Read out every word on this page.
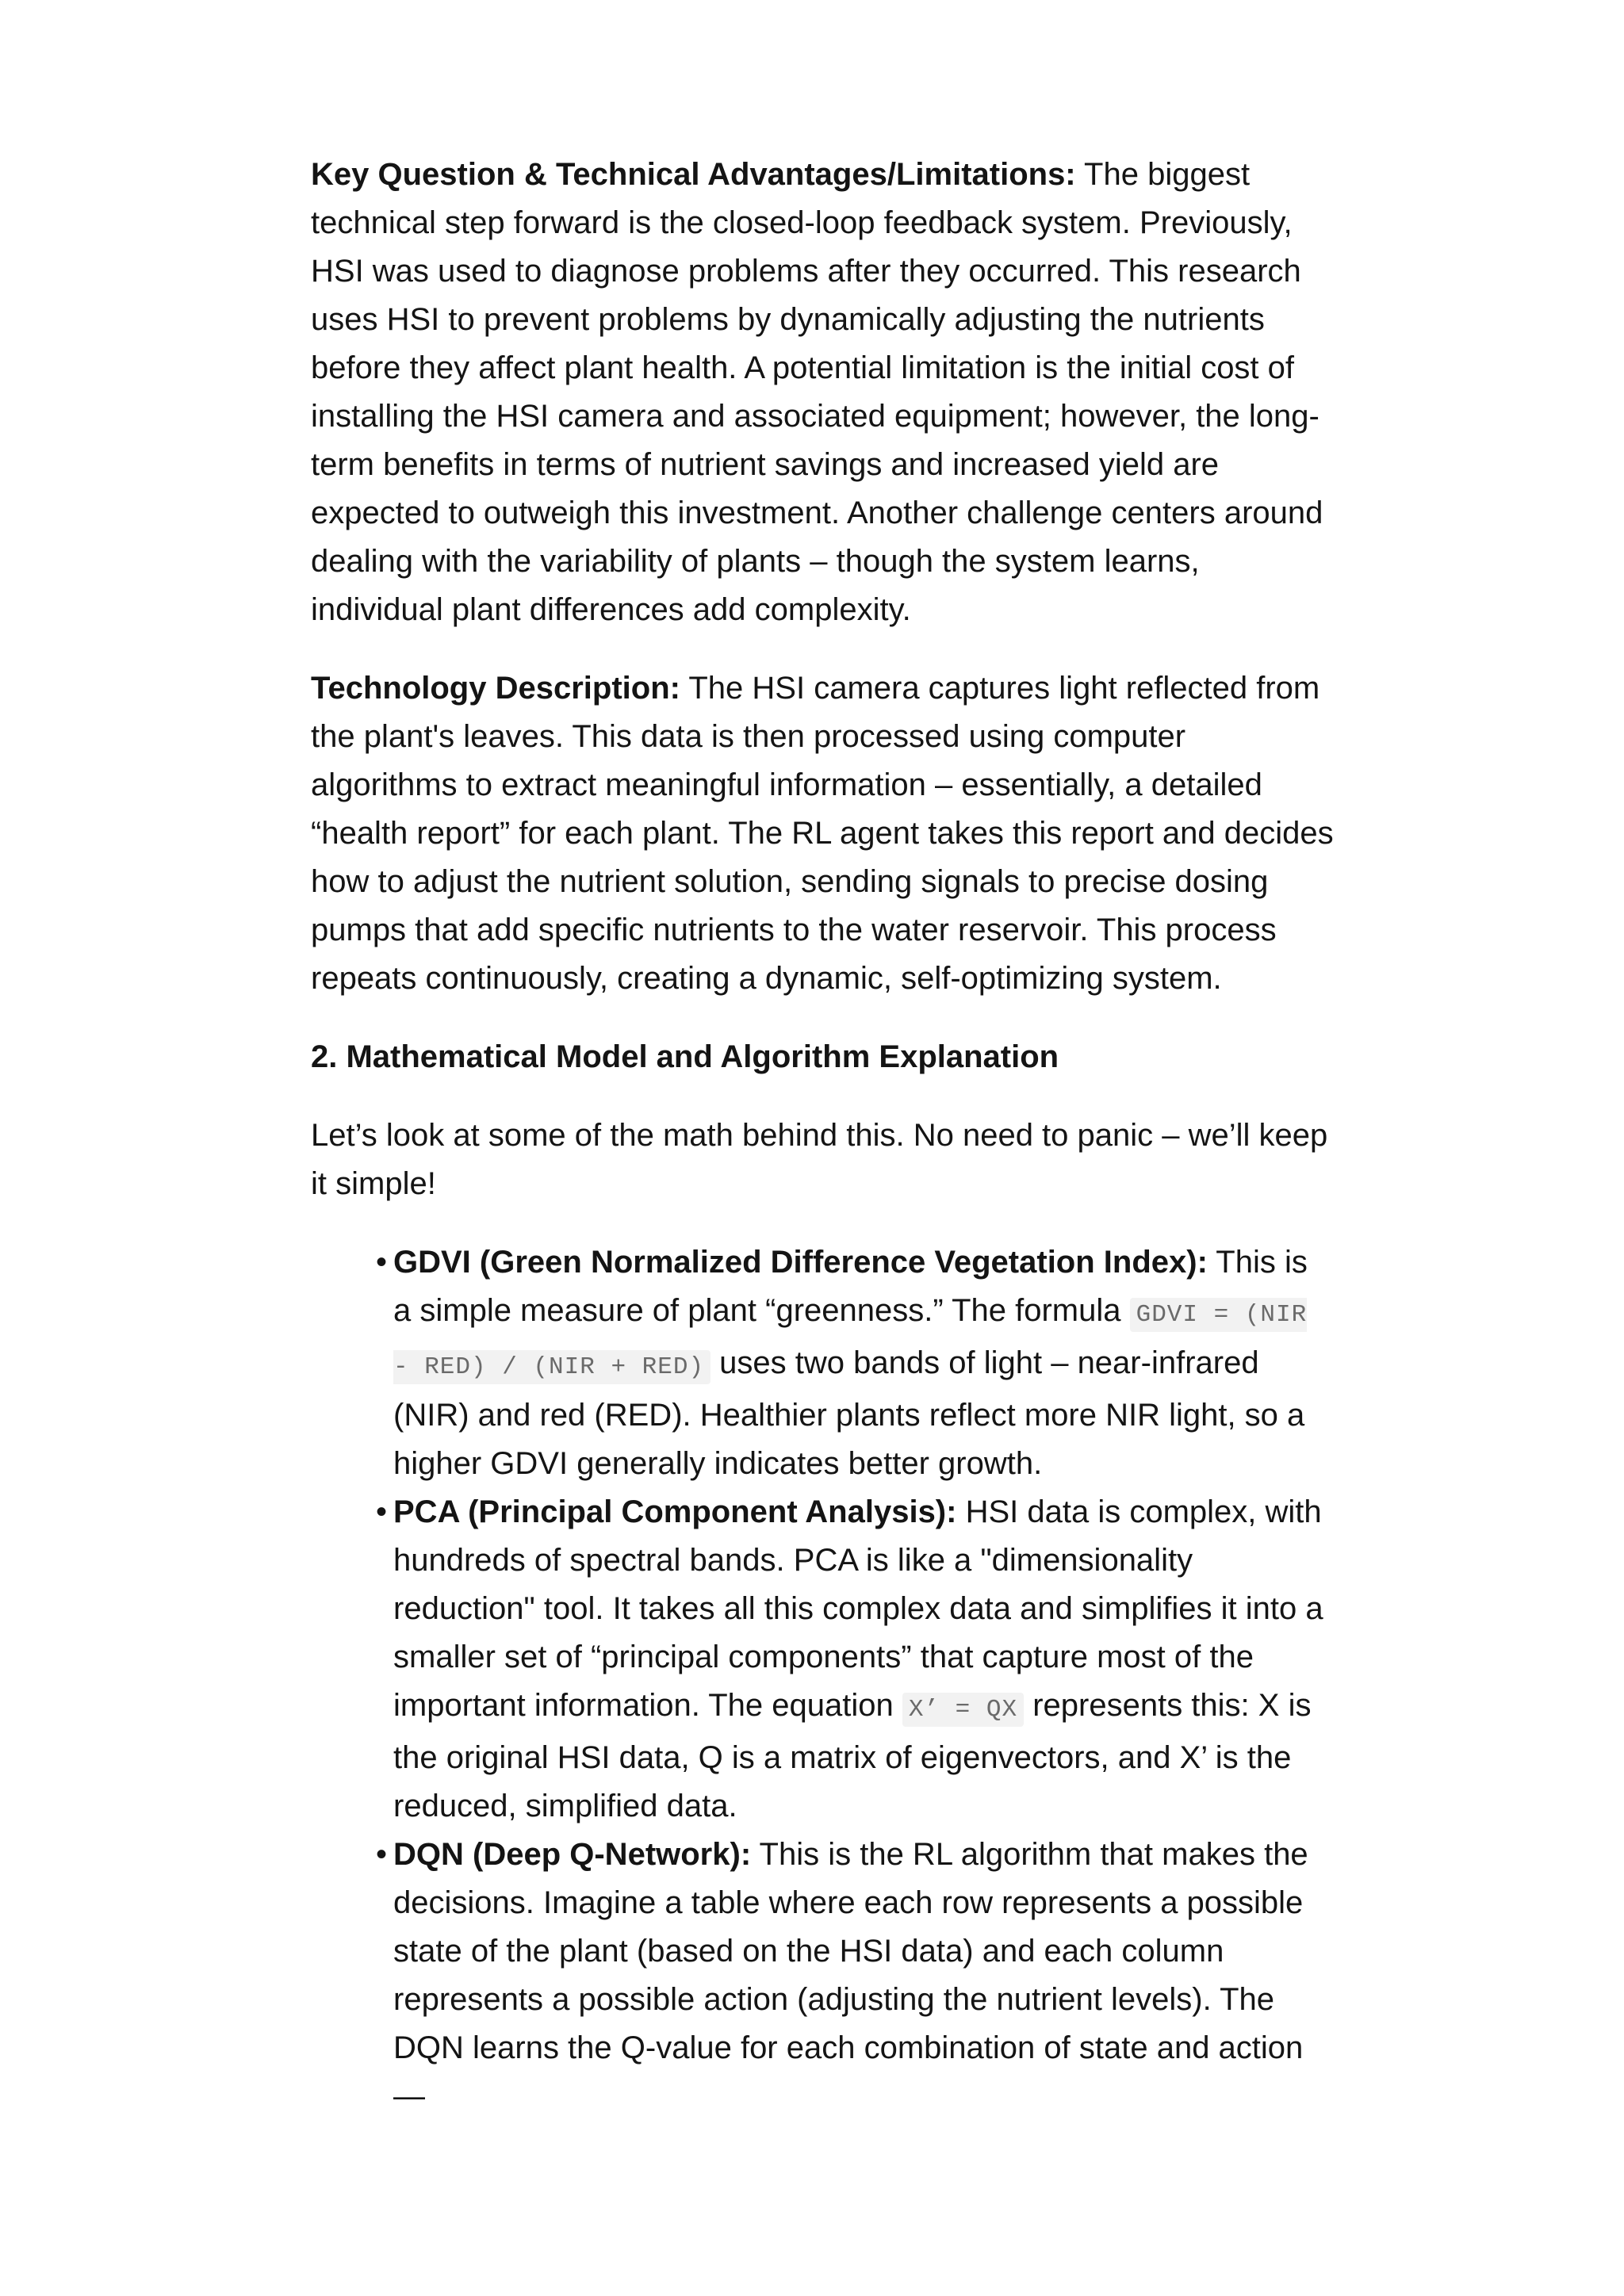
Key Question & Technical Advantages/Limitations: The biggest technical step forward is the closed-loop feedback system. Previously, HSI was used to diagnose problems after they occurred. This research uses HSI to prevent problems by dynamically adjusting the nutrients before they affect plant health. A potential limitation is the initial cost of installing the HSI camera and associated equipment; however, the long-term benefits in terms of nutrient savings and increased yield are expected to outweigh this investment. Another challenge centers around dealing with the variability of plants – though the system learns, individual plant differences add complexity.

Technology Description: The HSI camera captures light reflected from the plant's leaves. This data is then processed using computer algorithms to extract meaningful information – essentially, a detailed “health report” for each plant. The RL agent takes this report and decides how to adjust the nutrient solution, sending signals to precise dosing pumps that add specific nutrients to the water reservoir. This process repeats continuously, creating a dynamic, self-optimizing system.

2. Mathematical Model and Algorithm Explanation

Let’s look at some of the math behind this. No need to panic – we’ll keep it simple!

• GDVI (Green Normalized Difference Vegetation Index): This is a simple measure of plant “greenness.” The formula GDVI = (NIR - RED) / (NIR + RED) uses two bands of light – near-infrared (NIR) and red (RED). Healthier plants reflect more NIR light, so a higher GDVI generally indicates better growth.
• PCA (Principal Component Analysis): HSI data is complex, with hundreds of spectral bands. PCA is like a "dimensionality reduction" tool. It takes all this complex data and simplifies it into a smaller set of “principal components” that capture most of the important information. The equation X’ = QX represents this: X is the original HSI data, Q is a matrix of eigenvectors, and X’ is the reduced, simplified data.
• DQN (Deep Q-Network): This is the RL algorithm that makes the decisions. Imagine a table where each row represents a possible state of the plant (based on the HSI data) and each column represents a possible action (adjusting the nutrient levels). The DQN learns the Q-value for each combination of state and action—
